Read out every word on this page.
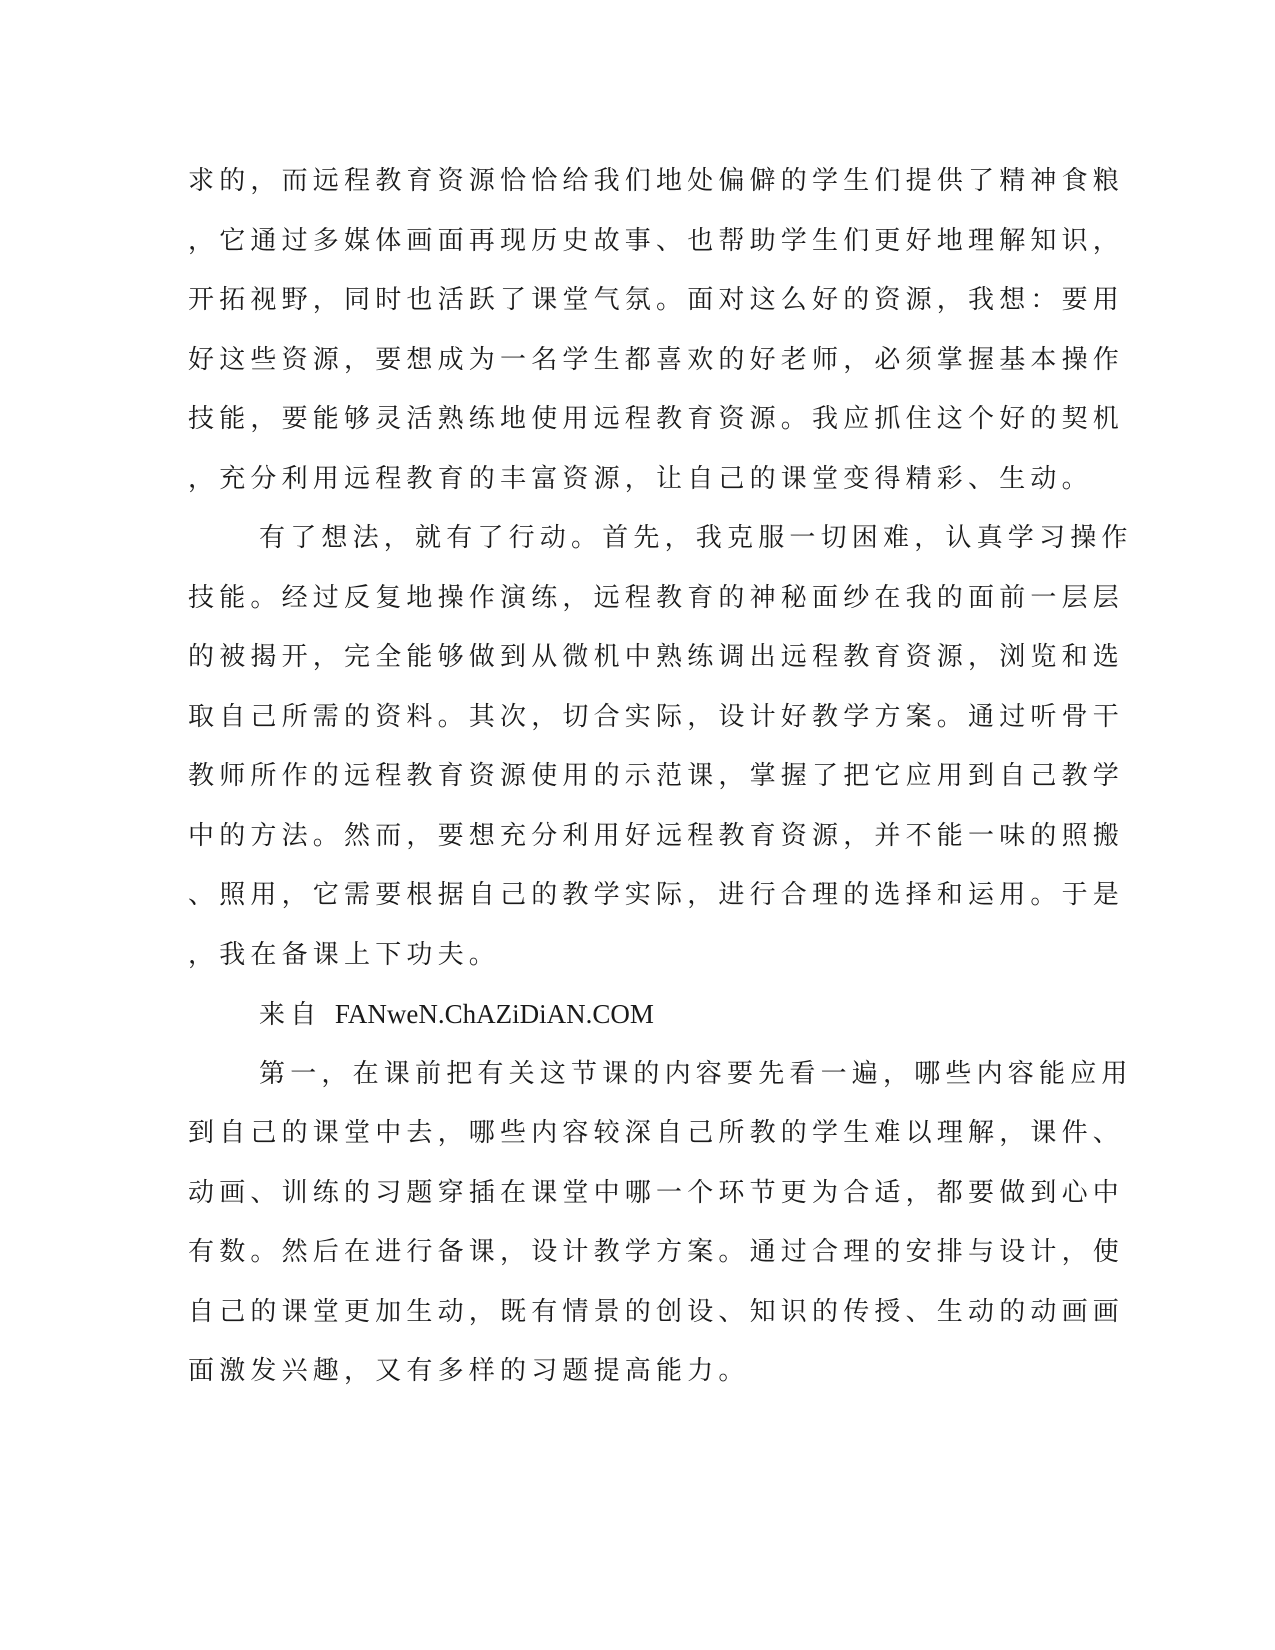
求的，而远程教育资源恰恰给我们地处偏僻的学生们提供了精神食粮
，它通过多媒体画面再现历史故事、也帮助学生们更好地理解知识，
开拓视野，同时也活跃了课堂气氛。面对这么好的资源，我想：要用
好这些资源，要想成为一名学生都喜欢的好老师，必须掌握基本操作
技能，要能够灵活熟练地使用远程教育资源。我应抓住这个好的契机
，充分利用远程教育的丰富资源，让自己的课堂变得精彩、生动。
有了想法，就有了行动。首先，我克服一切困难，认真学习操作
技能。经过反复地操作演练，远程教育的神秘面纱在我的面前一层层
的被揭开，完全能够做到从微机中熟练调出远程教育资源，浏览和选
取自己所需的资料。其次，切合实际，设计好教学方案。通过听骨干
教师所作的远程教育资源使用的示范课，掌握了把它应用到自己教学
中的方法。然而，要想充分利用好远程教育资源，并不能一味的照搬
、照用，它需要根据自己的教学实际，进行合理的选择和运用。于是
，我在备课上下功夫。
来自 FANweN.ChAZiDiAN.COM
第一，在课前把有关这节课的内容要先看一遍，哪些内容能应用
到自己的课堂中去，哪些内容较深自己所教的学生难以理解，课件、
动画、训练的习题穿插在课堂中哪一个环节更为合适，都要做到心中
有数。然后在进行备课，设计教学方案。通过合理的安排与设计，使
自己的课堂更加生动，既有情景的创设、知识的传授、生动的动画画
面激发兴趣，又有多样的习题提高能力。
